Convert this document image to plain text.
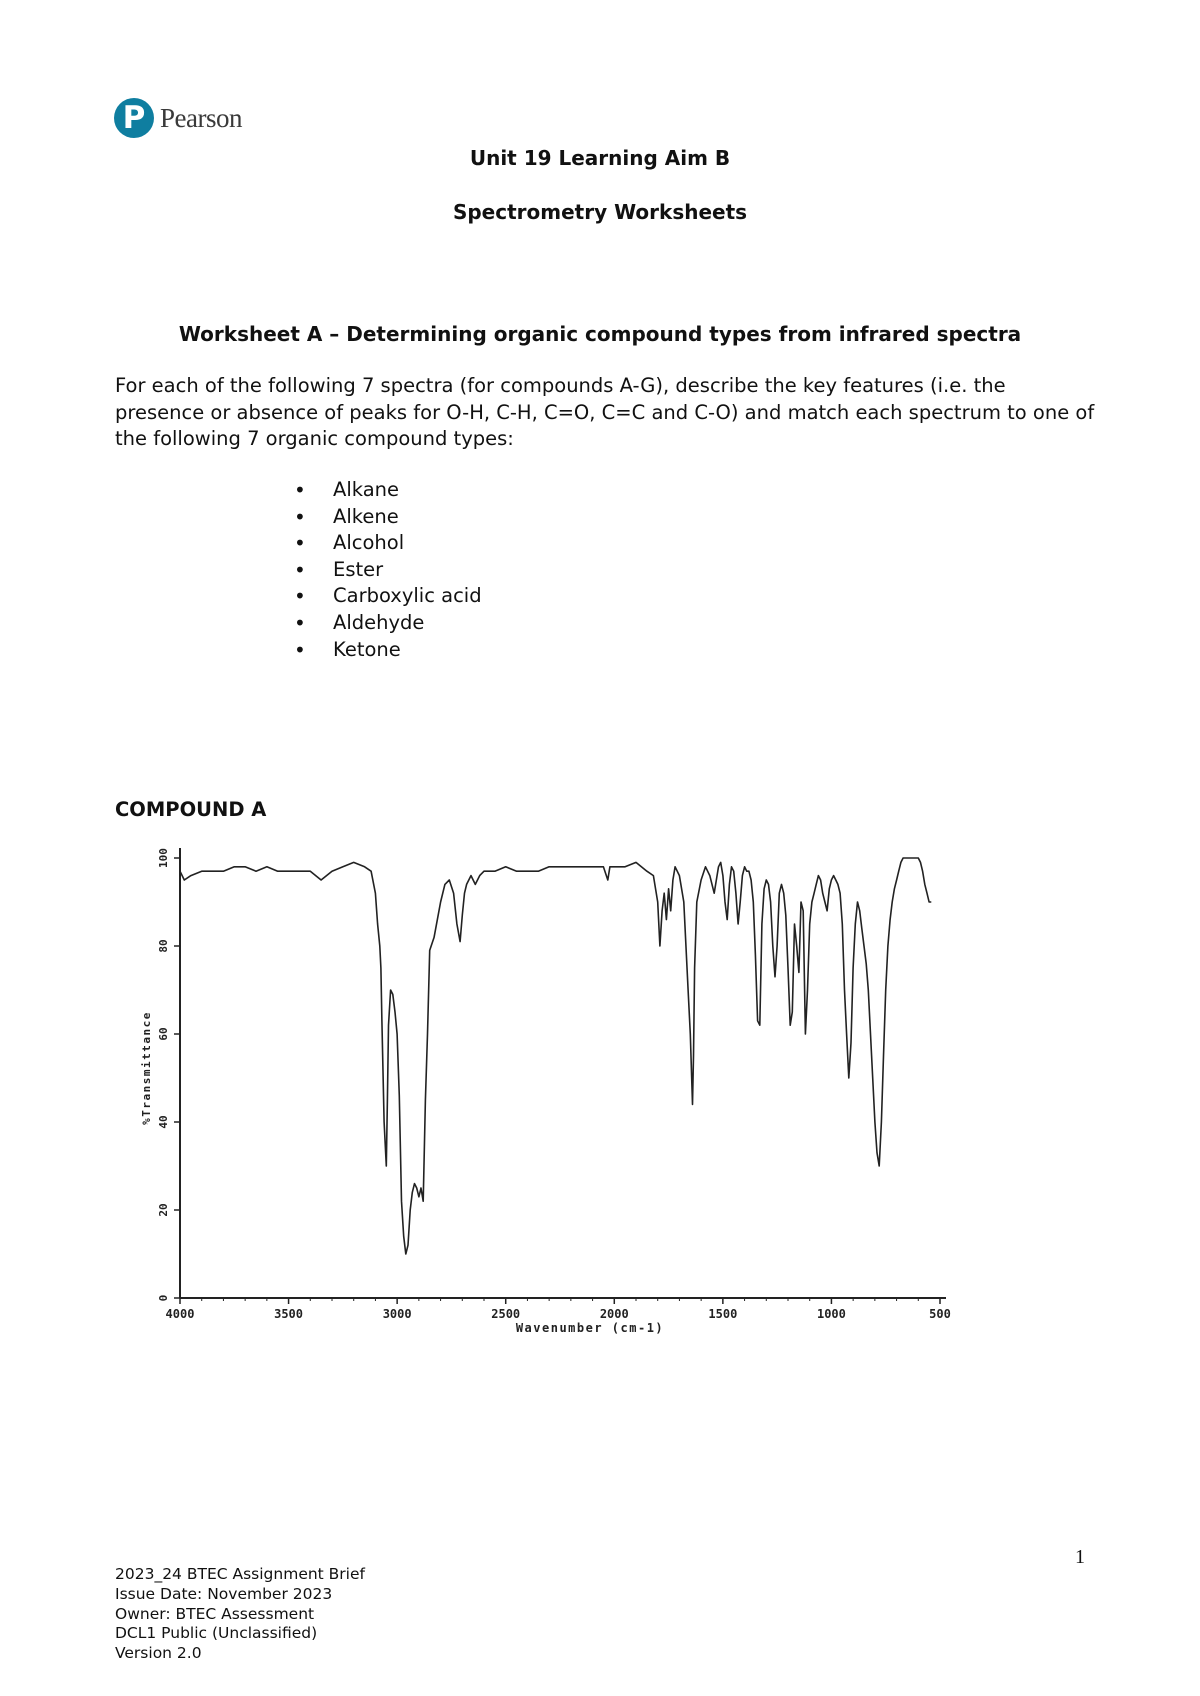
P Pearson
Unit 19 Learning Aim B
Spectrometry Worksheets
Worksheet A – Determining organic compound types from infrared spectra
For each of the following 7 spectra (for compounds A-G), describe the key features (i.e. the presence or absence of peaks for O-H, C-H, C=O, C=C and C-O) and match each spectrum to one of the following 7 organic compound types:
• Alkane
• Alkene
• Alcohol
• Ester
• Carboxylic acid
• Aldehyde
• Ketone
COMPOUND A
4000	3500	3000	2500	2000	1500	1000	500
0
20
40
60
80
100
Wavenumber (cm-1)
%Transmittance
1
2023_24 BTEC Assignment Brief
Issue Date: November 2023
Owner: BTEC Assessment
DCL1 Public (Unclassified)
Version 2.0
